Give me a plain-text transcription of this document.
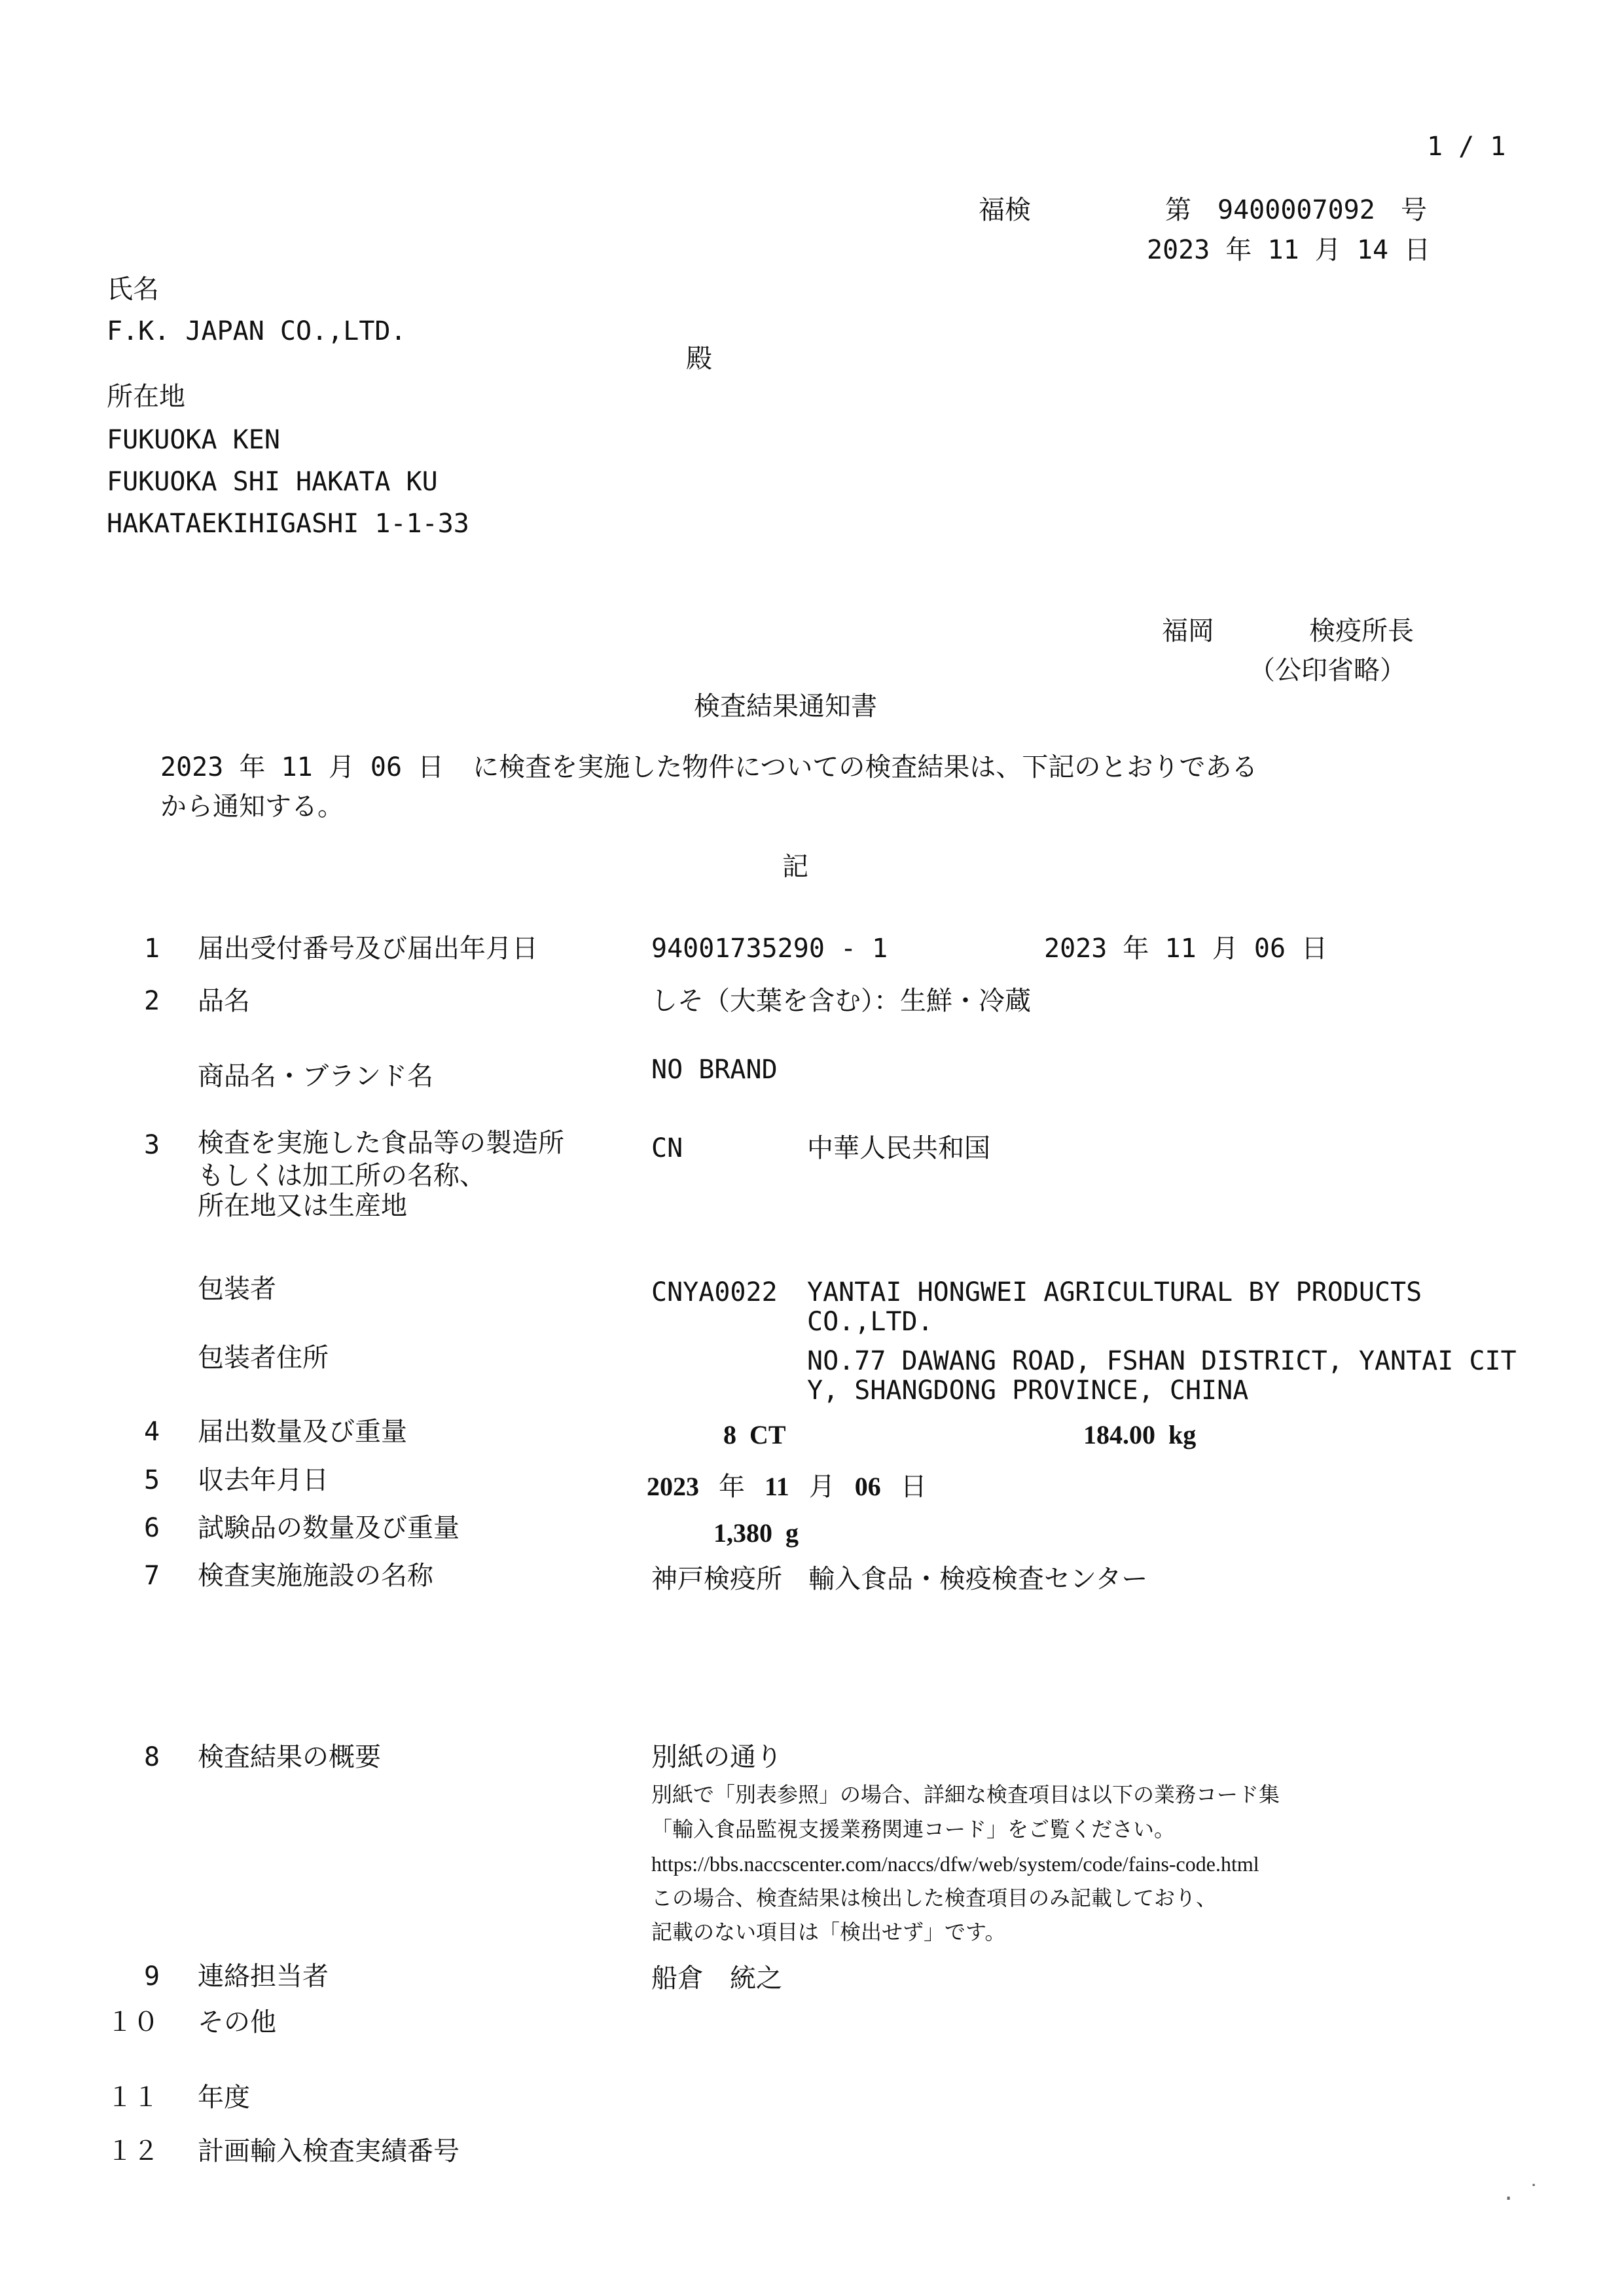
1 / 1
福検	第 9400007092 号
2023 年 11 月 14 日
氏名
F.K. JAPAN CO.,LTD.
殿
所在地
FUKUOKA KEN
FUKUOKA SHI HAKATA KU
HAKATAEKIHIGASHI 1-1-33
福岡	検疫所長
（公印省略）
検査結果通知書
2023 年 11 月 06 日 に検査を実施した物件についての検査結果は、下記のとおりである
から通知する。
記
1 届出受付番号及び届出年月日	94001735290 - 1	2023 年 11 月 06 日
2 品名	しそ（大葉を含む）：生鮮・冷蔵
商品名・ブランド名	NO BRAND
3 検査を実施した食品等の製造所
もしくは加工所の名称、
所在地又は生産地
CN	中華人民共和国
包装者	CNYA0022 YANTAI HONGWEI AGRICULTURAL BY PRODUCTS
CO.,LTD.
包装者住所	NO.77 DAWANG ROAD, FSHAN DISTRICT, YANTAI CIT
Y, SHANGDONG PROVINCE, CHINA
4 届出数量及び重量	8 CT	184.00 kg
5 収去年月日	2023 年 11 月 06 日
6 試験品の数量及び重量	1,380 g
7 検査実施施設の名称	神戸検疫所　輸入食品・検疫検査センター
8 検査結果の概要	別紙の通り
別紙で「別表参照」の場合、詳細な検査項目は以下の業務コード集
「輸入食品監視支援業務関連コード」をご覧ください。
https://bbs.naccscenter.com/naccs/dfw/web/system/code/fains-code.html
この場合、検査結果は検出した検査項目のみ記載しており、
記載のない項目は「検出せず」です。
9 連絡担当者	船倉　統之
１０ その他
１１ 年度
１２ 計画輸入検査実績番号
. ˙
